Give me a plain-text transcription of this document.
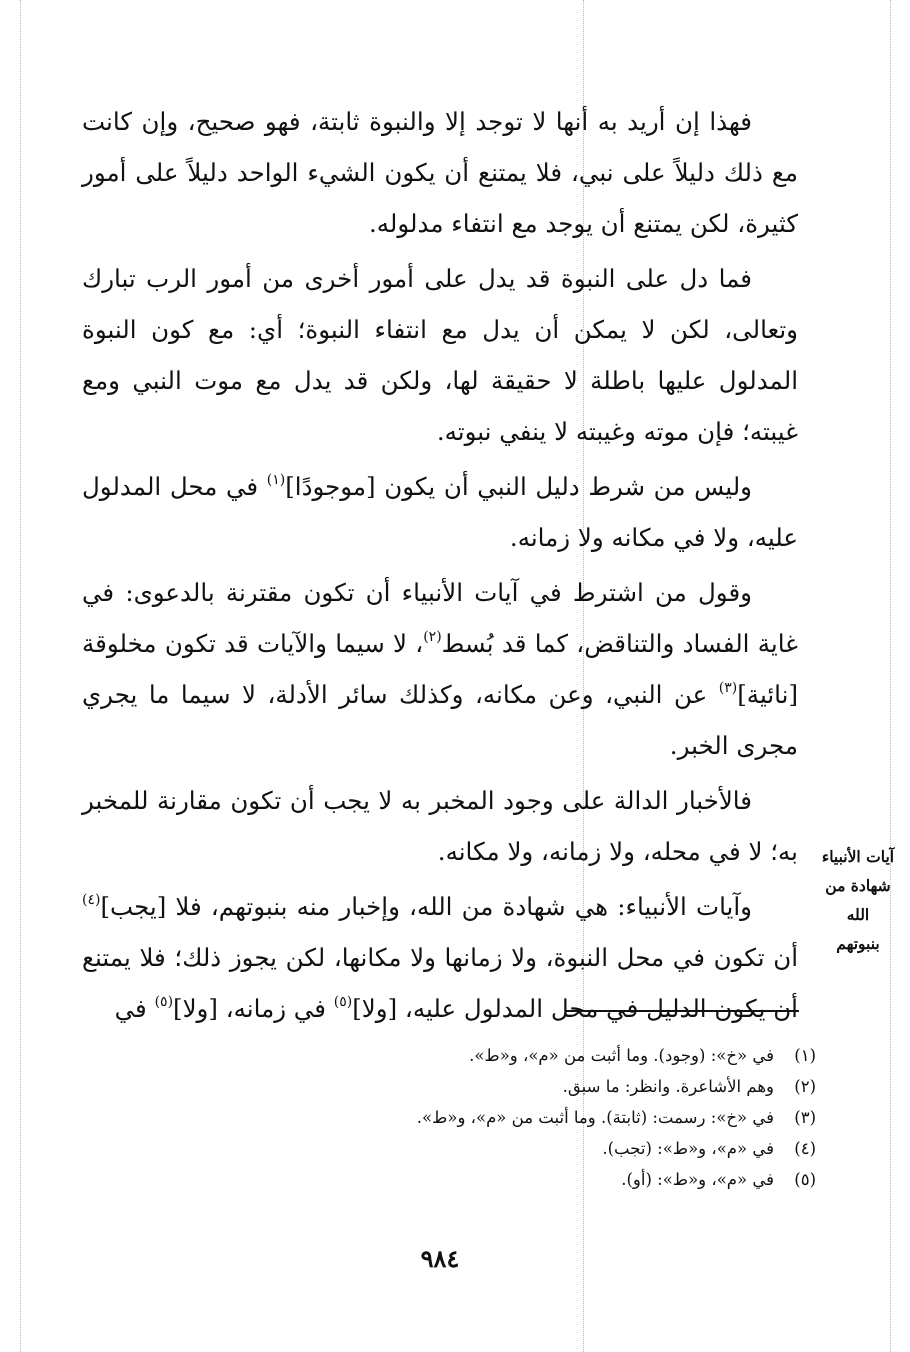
فهذا إن أريد به أنها لا توجد إلا والنبوة ثابتة، فهو صحيح، وإن كانت مع ذلك دليلاً على نبي، فلا يمتنع أن يكون الشيء الواحد دليلاً على أمور كثيرة، لكن يمتنع أن يوجد مع انتفاء مدلوله.

فما دل على النبوة قد يدل على أمور أخرى من أمور الرب تبارك وتعالى، لكن لا يمكن أن يدل مع انتفاء النبوة؛ أي: مع كون النبوة المدلول عليها باطلة لا حقيقة لها، ولكن قد يدل مع موت النبي ومع غيبته؛ فإن موته وغيبته لا ينفي نبوته.

وليس من شرط دليل النبي أن يكون [موجودًا]$^{(١)}$ في محل المدلول عليه، ولا في مكانه ولا زمانه.

وقول من اشترط في آيات الأنبياء أن تكون مقترنة بالدعوى: في غاية الفساد والتناقض، كما قد بُسط$^{(٢)}$، لا سيما والآيات قد تكون مخلوقة [نائية]$^{(٣)}$ عن النبي، وعن مكانه، وكذلك سائر الأدلة، لا سيما ما يجري مجرى الخبر.

فالأخبار الدالة على وجود المخبر به لا يجب أن تكون مقارنة للمخبر به؛ لا في محله، ولا زمانه، ولا مكانه.

وآيات الأنبياء: هي شهادة من الله، وإخبار منه بنبوتهم، فلا [يجب]$^{(٤)}$ أن تكون في محل النبوة، ولا زمانها ولا مكانها، لكن يجوز ذلك؛ فلا يمتنع أن يكون الدليل في محل المدلول عليه، [ولا]$^{(٥)}$ في زمانه، [ولا]$^{(٥)}$ في

آيات الأنبياء
شهادة من الله
بنبوتهم
(١)في «خ»: (وجود). وما أثبت من «م»، و«ط».
(٢)وهم الأشاعرة. وانظر: ما سبق.
(٣)في «خ»: رسمت: (ثابتة). وما أثبت من «م»، و«ط».
(٤)في «م»، و«ط»: (تجب).
(٥)في «م»، و«ط»: (أو).
٩٨٤
